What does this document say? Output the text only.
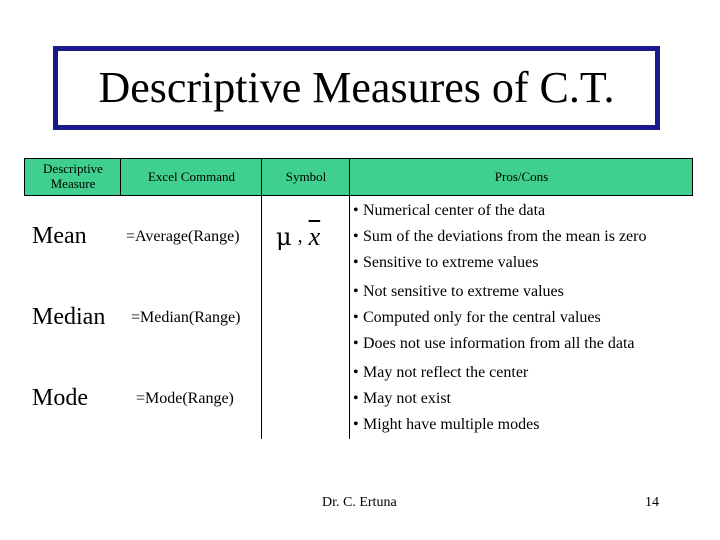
Descriptive Measures of C.T.
Descriptive Measure	Excel Command	Symbol	Pros/Cons
Mean =Average(Range) μ , $\overline{x}$
• Numerical center of the data
• Sum of the deviations from the mean is zero
• Sensitive to extreme values
Median =Median(Range)
• Not sensitive to extreme values
• Computed only for the central values
• Does not use information from all the data
Mode	=Mode(Range)
• May not reflect the center
• May not exist
• Might have multiple modes
Dr. C. Ertuna	14
